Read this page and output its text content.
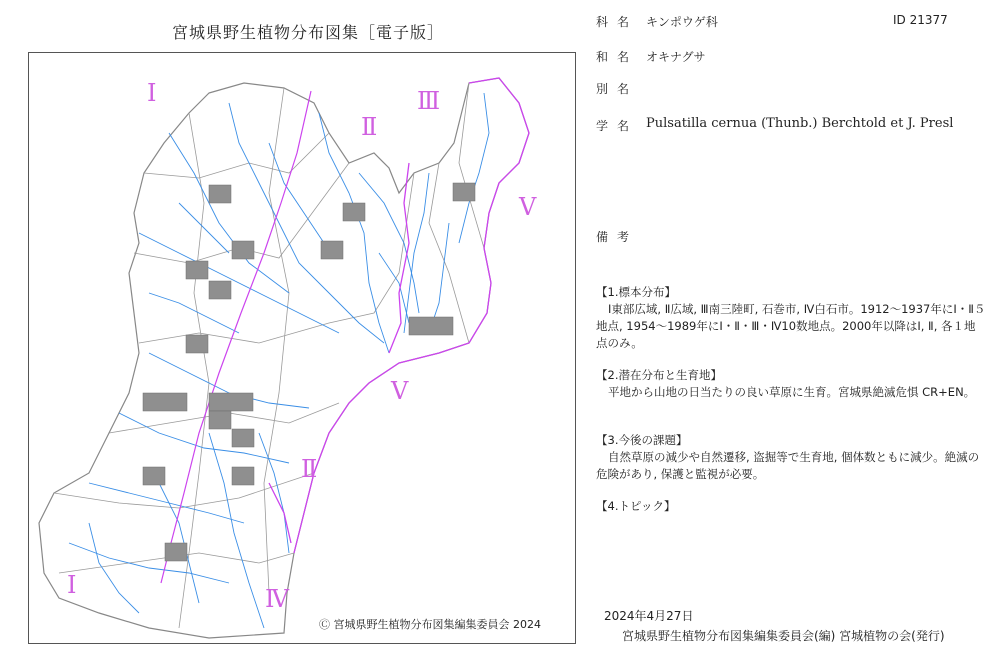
宮城県野生植物分布図集［電子版］
Ⅰ
Ⅱ
Ⅲ
Ⅴ
Ⅴ
Ⅱ
Ⅰ	Ⅳ
Ⓒ 宮城県野生植物分布図集編集委員会 2024
科名 キンポウゲ科	ID 21377
和名 オキナグサ
別名
学名 Pulsatilla cernua (Thunb.) Berchtold et J. Presl
備考
【1.標本分布】
Ⅰ東部広域, Ⅱ広域, Ⅲ南三陸町, 石巻市, Ⅳ白石市。1912〜1937年にⅠ・Ⅱ５地点, 1954〜1989年にⅠ・Ⅱ・Ⅲ・Ⅳ10数地点。2000年以降はⅠ, Ⅱ, 各１地点のみ。
【2.潜在分布と生育地】
平地から山地の日当たりの良い草原に生育。宮城県絶滅危惧 CR+EN。
【3.今後の課題】
自然草原の減少や自然遷移, 盗掘等で生育地, 個体数ともに減少。絶滅の危険があり, 保護と監視が必要。
【4.トピック】
2024年4月27日
宮城県野生植物分布図集編集委員会(編) 宮城植物の会(発行)
